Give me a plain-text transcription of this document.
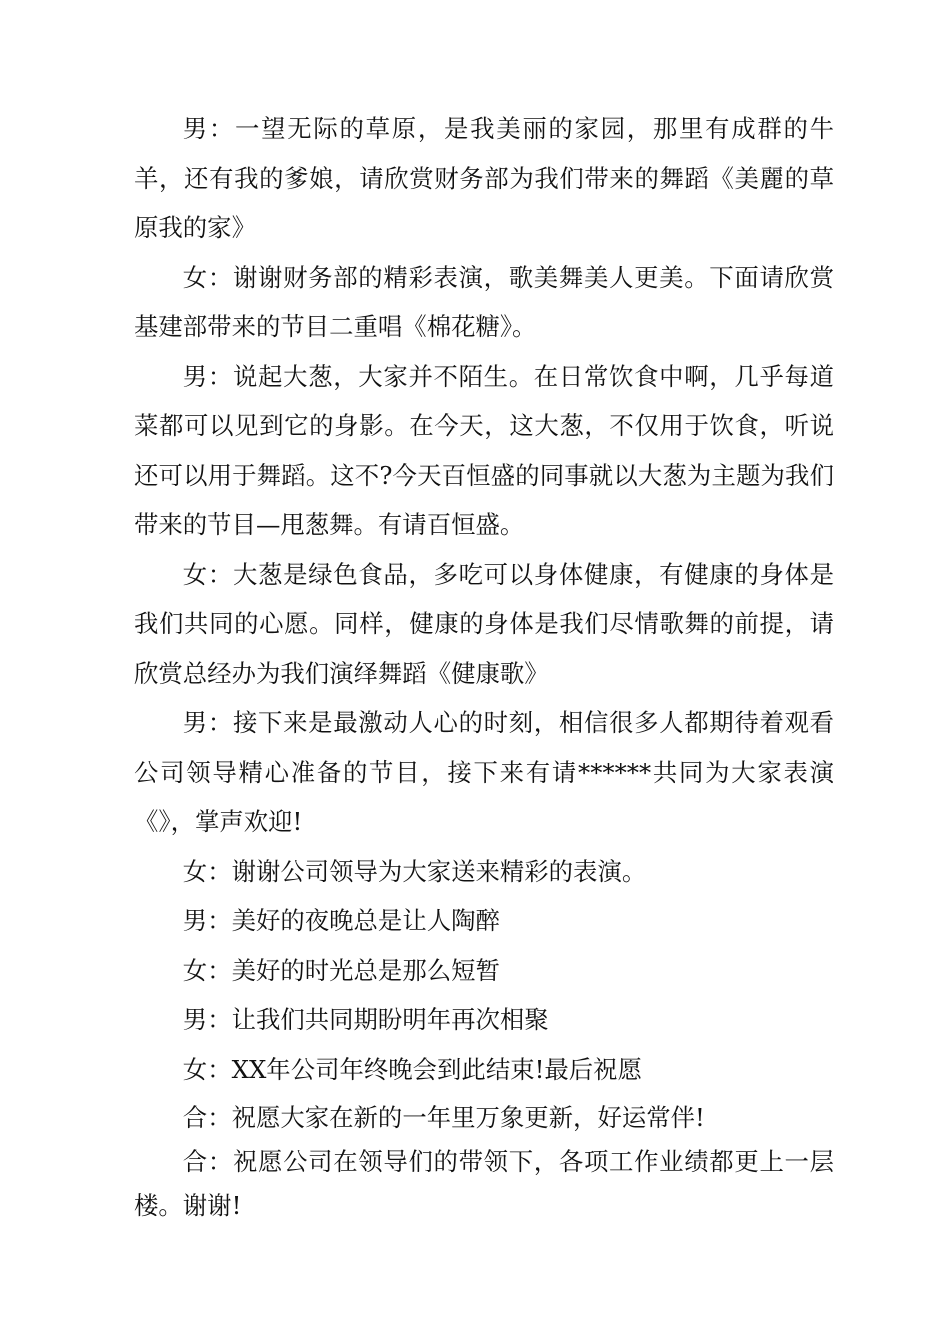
男：一望无际的草原，是我美丽的家园，那里有成群的牛羊，还有我的爹娘，请欣赏财务部为我们带来的舞蹈《美麗的草原我的家》

女：谢谢财务部的精彩表演，歌美舞美人更美。下面请欣赏基建部带来的节目二重唱《棉花糖》。

男：说起大葱，大家并不陌生。在日常饮食中啊，几乎每道菜都可以见到它的身影。在今天，这大葱，不仅用于饮食，听说还可以用于舞蹈。这不?今天百恒盛的同事就以大葱为主题为我们带来的节目—甩葱舞。有请百恒盛。

女：大葱是绿色食品，多吃可以身体健康，有健康的身体是我们共同的心愿。同样，健康的身体是我们尽情歌舞的前提，请欣赏总经办为我们演绎舞蹈《健康歌》

男：接下来是最激动人心的时刻，相信很多人都期待着观看公司领导精心准备的节目，接下来有请******共同为大家表演《》，掌声欢迎!

女：谢谢公司领导为大家送来精彩的表演。

男：美好的夜晚总是让人陶醉

女：美好的时光总是那么短暂

男：让我们共同期盼明年再次相聚

女：XX年公司年终晚会到此结束!最后祝愿

合：祝愿大家在新的一年里万象更新，好运常伴!

合：祝愿公司在领导们的带领下，各项工作业绩都更上一层楼。谢谢!
